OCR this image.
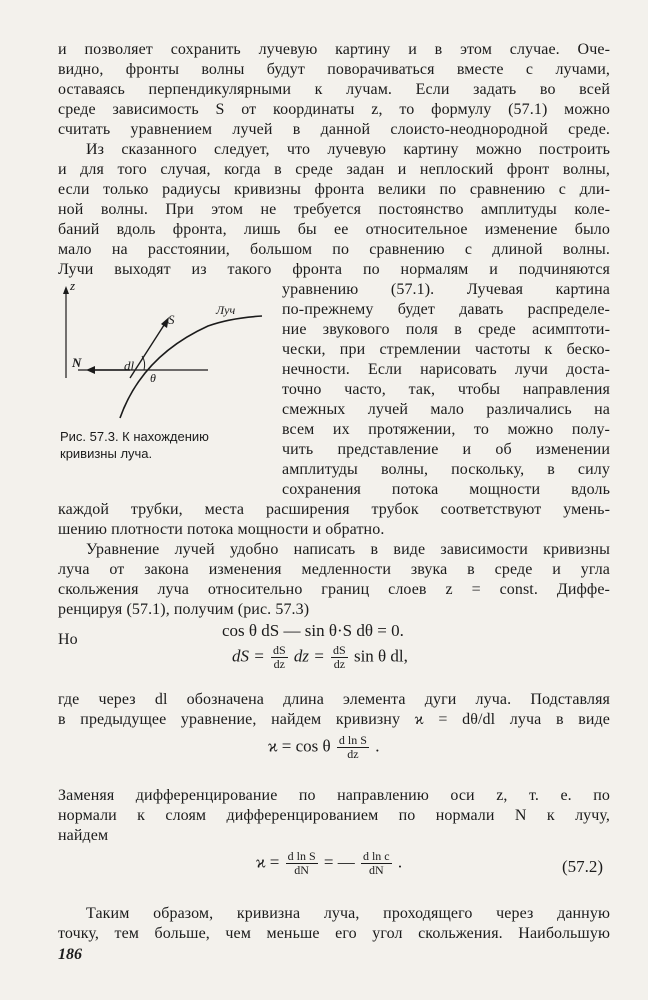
и позволяет сохранить лучевую картину и в этом случае. Оче-
видно, фронты волны будут поворачиваться вместе с лучами,
оставаясь перпендикулярными к лучам. Если задать во всей
среде зависимость S от координаты z, то формулу (57.1) можно
считать уравнением лучей в данной слоисто-неоднородной среде.
Из сказанного следует, что лучевую картину можно построить
и для того случая, когда в среде задан и неплоский фронт волны,
если только радиусы кривизны фронта велики по сравнению с дли-
ной волны. При этом не требуется постоянство амплитуды коле-
баний вдоль фронта, лишь бы ее относительное изменение было
мало на расстоянии, большом по сравнению с длиной волны.
Лучи выходят из такого фронта по нормалям и подчиняются
уравнению (57.1). Лучевая картина
по-прежнему будет давать распределе-
ние звукового поля в среде асимптоти-
чески, при стремлении частоты к беско-
нечности. Если нарисовать лучи доста-
точно часто, так, чтобы направления
смежных лучей мало различались на
всем их протяжении, то можно полу-
чить представление и об изменении
амплитуды волны, поскольку, в силу
сохранения потока мощности вдоль
z
N
Луч
S
dl
θ
Рис. 57.3. К нахождению кривизны луча.
каждой трубки, места расширения трубок соответствуют умень-
шению плотности потока мощности и обратно.
Уравнение лучей удобно написать в виде зависимости кривизны
луча от закона изменения медленности звука в среде и угла
скольжения луча относительно границ слоев z = const. Диффе-
ренцируя (57.1), получим (рис. 57.3)
cos θ dS — sin θ·S dθ = 0.
Но
dS = $\frac{dS}{dz}$ dz = $\frac{dS}{dz}$ sin θ dl,
где через dl обозначена длина элемента дуги луча. Подставляя
в предыдущее уравнение, найдем кривизну ϰ = dθ/dl луча в виде
ϰ = cos θ $\frac{\text{d ln S}}{dz}$ .
Заменяя дифференцирование по направлению оси z, т. е. по
нормали к слоям дифференцированием по нормали N к лучу,
найдем
$ϰ = \frac{\text{d ln S}}{dN}$ = — $\frac{\text{d ln c}}{dN}$ .	(57.2)
Таким образом, кривизна луча, проходящего через данную
точку, тем больше, чем меньше его угол скольжения. Наибольшую
186
